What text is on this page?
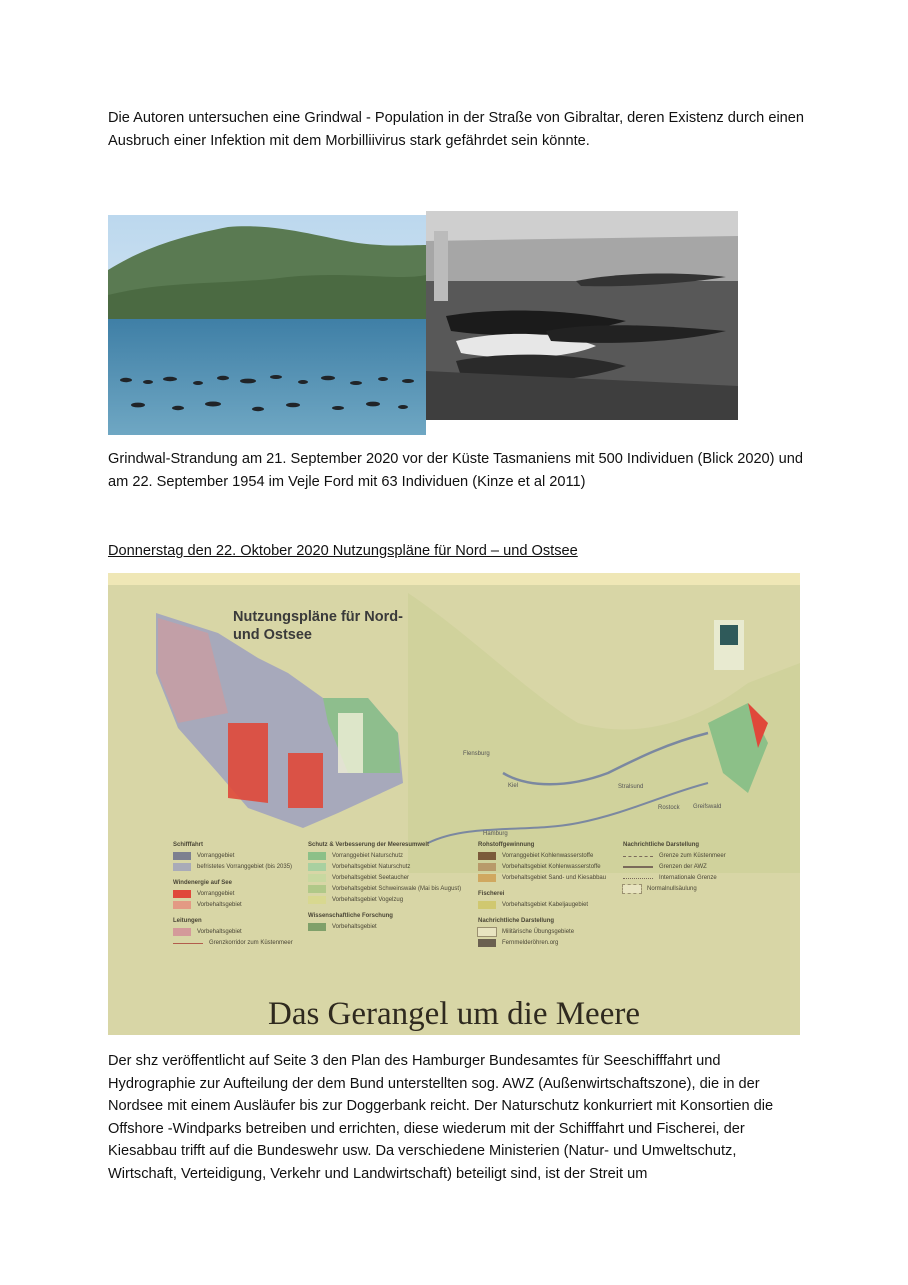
Die Autoren untersuchen eine Grindwal - Population in der Straße von Gibraltar, deren Existenz durch einen Ausbruch einer Infektion mit dem Morbilliivirus stark gefährdet sein könnte.

Grindwal-Strandung am 21. September 2020 vor der Küste Tasmaniens mit 500 Individuen (Blick 2020) und am 22. September 1954 im Vejle Ford mit 63 Individuen (Kinze et al 2011)

Donnerstag den 22. Oktober 2020 Nutzungspläne für Nord – und Ostsee

Flensburg
Kiel
Rostock
Stralsund
Greifswald
Hamburg
Nutzungspläne für Nord- und Ostsee
Schifffahrt
Vorranggebiet
befristetes Vorranggebiet (bis 2035)
Windenergie auf See
Vorranggebiet
Vorbehaltsgebiet
Leitungen
Vorbehaltsgebiet
Grenzkorridor zum Küstenmeer
Schutz & Verbesserung der Meeresumwelt
Vorranggebiet Naturschutz
Vorbehaltsgebiet Naturschutz
Vorbehaltsgebiet Seetaucher
Vorbehaltsgebiet Schweinswale (Mai bis August)
Vorbehaltsgebiet Vogelzug
Wissenschaftliche Forschung
Vorbehaltsgebiet
Rohstoffgewinnung
Vorranggebiet Kohlenwasserstoffe
Vorbehaltsgebiet Kohlenwasserstoffe
Vorbehaltsgebiet Sand- und Kiesabbau
Fischerei
Vorbehaltsgebiet Kabeljaugebiet
Nachrichtliche Darstellung
Militärische Übungsgebiete
Fernmelderöhren.org
Nachrichtliche Darstellung
Grenze zum Küstenmeer
Grenzen der AWZ
Internationale Grenze
Normalnullsäulung
Das Gerangel um die Meere

Der shz veröffentlicht auf Seite 3 den Plan des Hamburger Bundesamtes für Seeschifffahrt und Hydrographie zur Aufteilung der dem Bund unterstellten sog. AWZ (Außenwirtschaftszone), die in der Nordsee mit einem Ausläufer bis zur Doggerbank reicht. Der Naturschutz konkurriert mit Konsortien die Offshore -Windparks betreiben und errichten, diese wiederum mit der Schifffahrt und Fischerei, der Kiesabbau trifft auf die Bundeswehr usw. Da verschiedene Ministerien (Natur- und Umweltschutz, Wirtschaft, Verteidigung, Verkehr und Landwirtschaft) beteiligt sind, ist der Streit um
